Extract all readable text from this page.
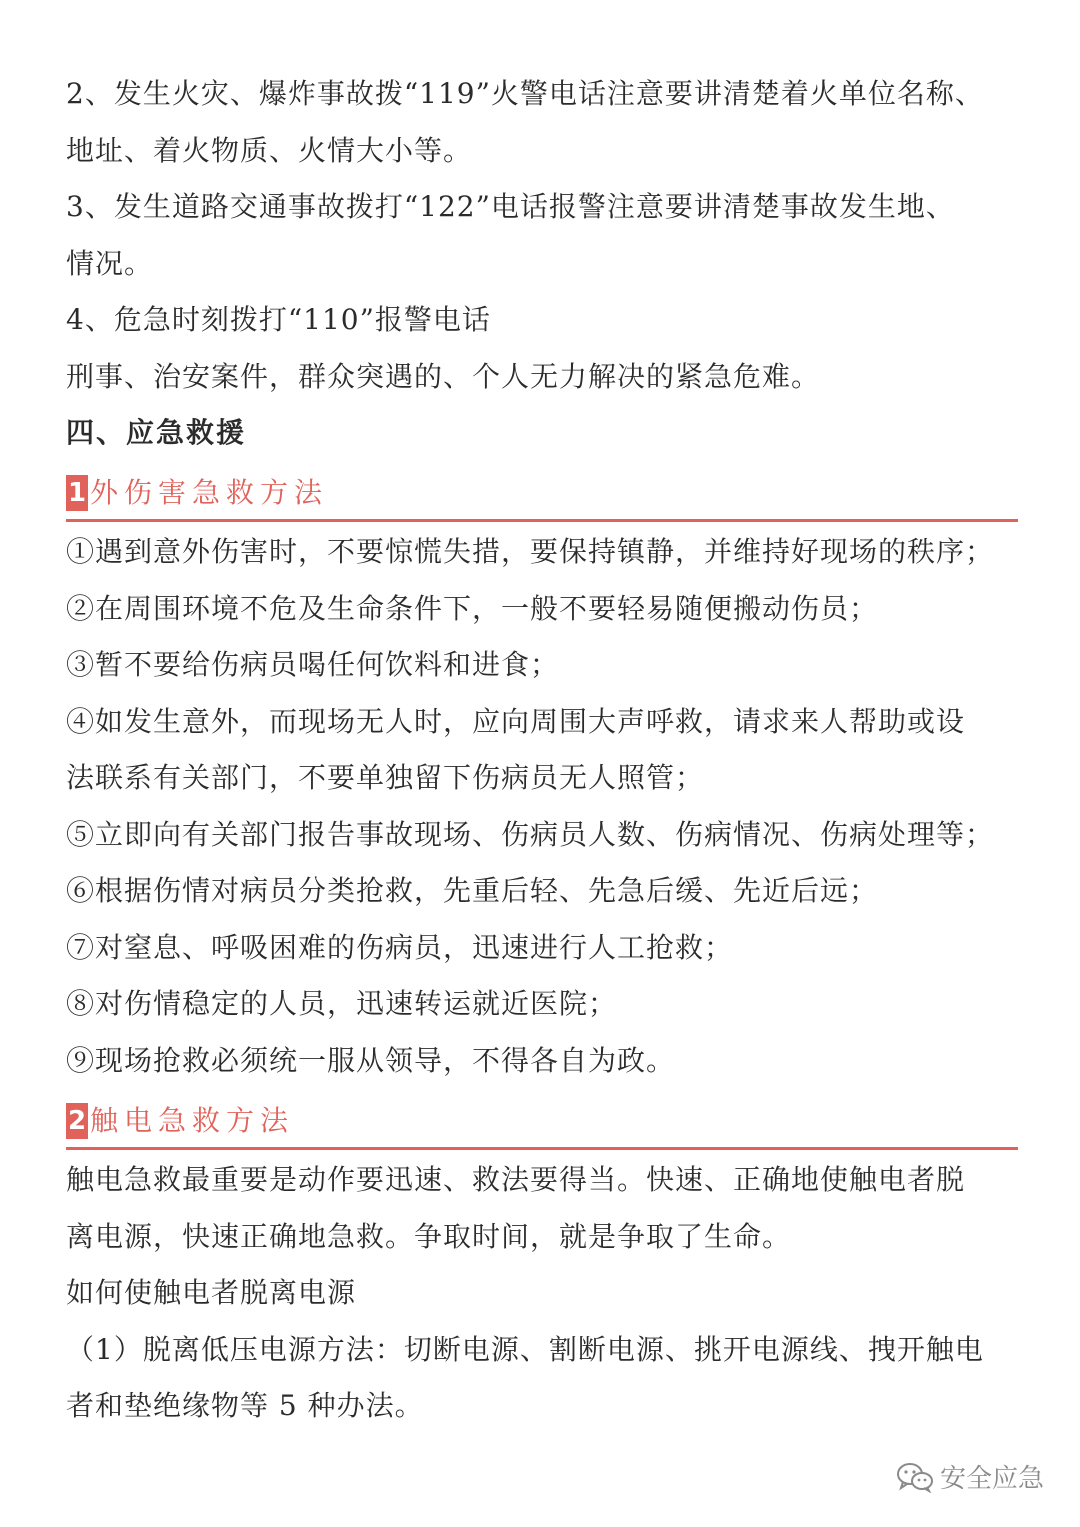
2、发生火灾、爆炸事故拨“119”火警电话注意要讲清楚着火单位名称、

地址、着火物质、火情大小等。

3、发生道路交通事故拨打“122”电话报警注意要讲清楚事故发生地、

情况。

4、危急时刻拨打“110”报警电话

刑事、治安案件，群众突遇的、个人无力解决的紧急危难。

四、应急救援

1 外伤害急救方法

①遇到意外伤害时，不要惊慌失措，要保持镇静，并维持好现场的秩序；

②在周围环境不危及生命条件下，一般不要轻易随便搬动伤员；

③暂不要给伤病员喝任何饮料和进食；

④如发生意外，而现场无人时，应向周围大声呼救，请求来人帮助或设

法联系有关部门，不要单独留下伤病员无人照管；

⑤立即向有关部门报告事故现场、伤病员人数、伤病情况、伤病处理等；

⑥根据伤情对病员分类抢救，先重后轻、先急后缓、先近后远；

⑦对窒息、呼吸困难的伤病员，迅速进行人工抢救；

⑧对伤情稳定的人员，迅速转运就近医院；

⑨现场抢救必须统一服从领导，不得各自为政。

2 触电急救方法

触电急救最重要是动作要迅速、救法要得当。快速、正确地使触电者脱

离电源，快速正确地急救。争取时间，就是争取了生命。

如何使触电者脱离电源

（1）脱离低压电源方法：切断电源、割断电源、挑开电源线、拽开触电

者和垫绝缘物等 5 种办法。

安全应急
